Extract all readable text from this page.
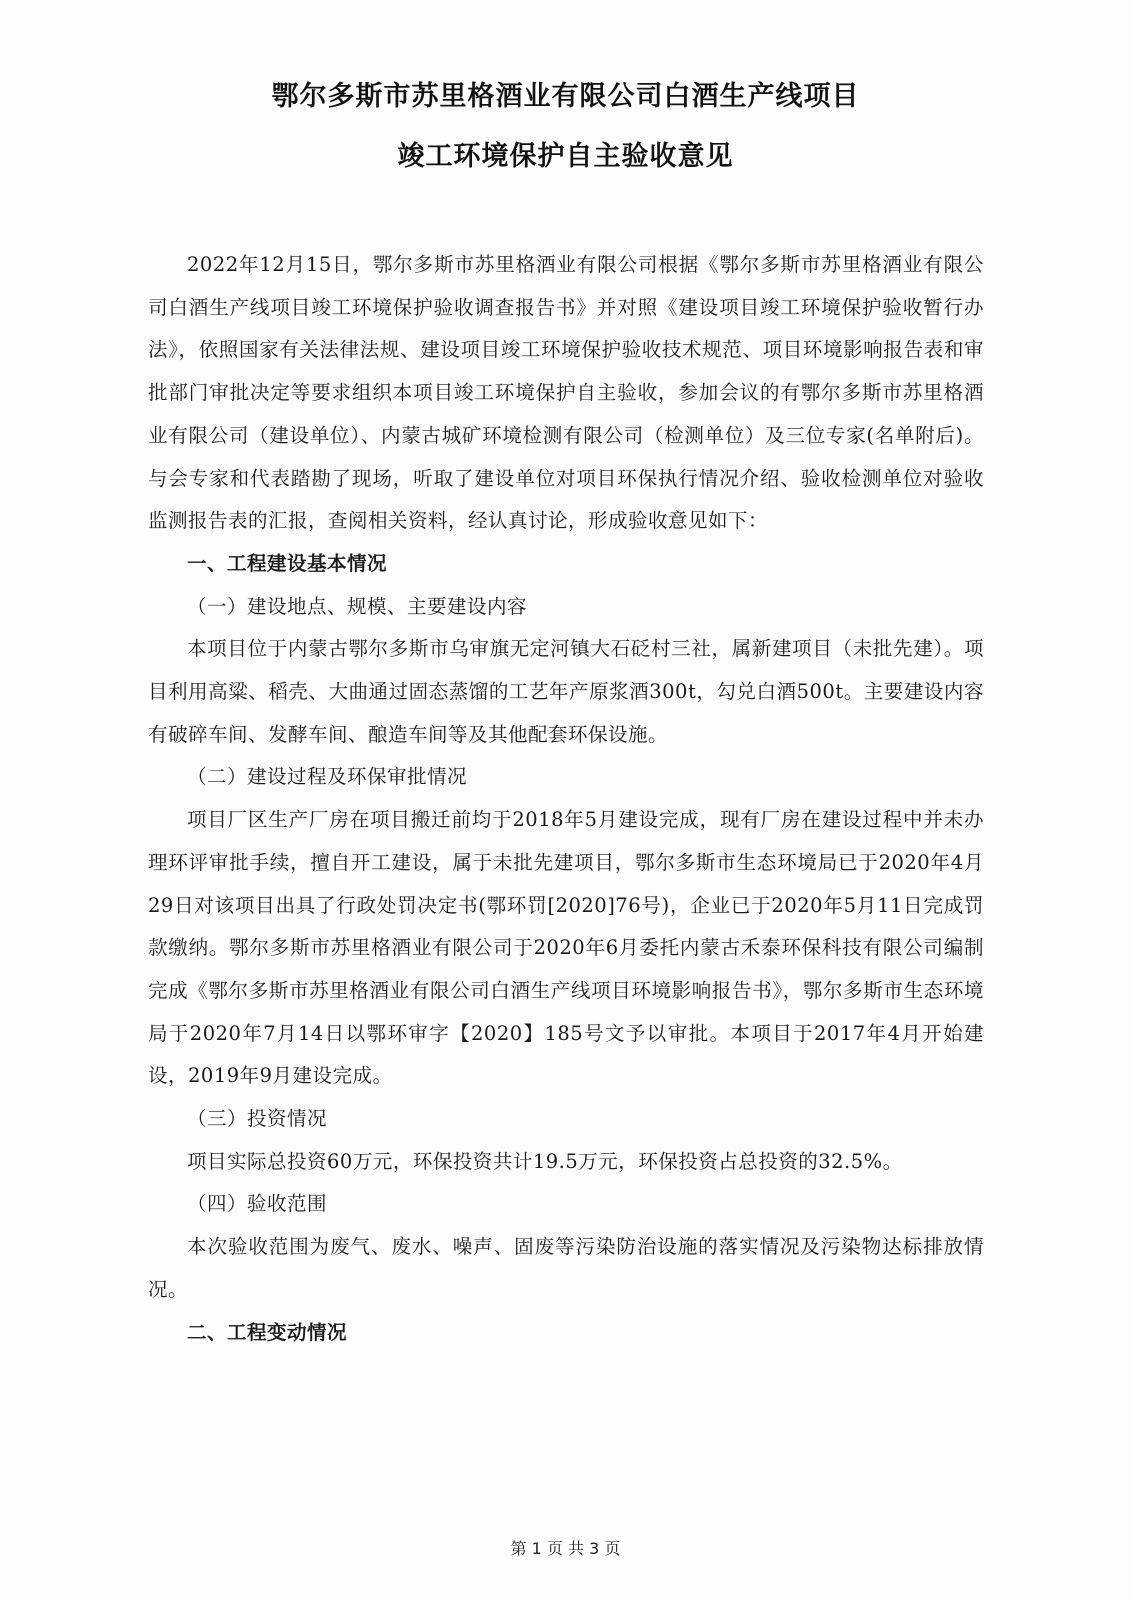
鄂尔多斯市苏里格酒业有限公司白酒生产线项目
竣工环境保护自主验收意见

2022年12月15日，鄂尔多斯市苏里格酒业有限公司根据《鄂尔多斯市苏里格酒业有限公司白酒生产线项目竣工环境保护验收调查报告书》并对照《建设项目竣工环境保护验收暂行办法》，依照国家有关法律法规、建设项目竣工环境保护验收技术规范、项目环境影响报告表和审批部门审批决定等要求组织本项目竣工环境保护自主验收，参加会议的有鄂尔多斯市苏里格酒业有限公司（建设单位）、内蒙古城矿环境检测有限公司（检测单位）及三位专家(名单附后)。与会专家和代表踏勘了现场，听取了建设单位对项目环保执行情况介绍、验收检测单位对验收监测报告表的汇报，查阅相关资料，经认真讨论，形成验收意见如下：

一、工程建设基本情况

（一）建设地点、规模、主要建设内容

本项目位于内蒙古鄂尔多斯市乌审旗无定河镇大石砭村三社，属新建项目（未批先建）。项目利用高粱、稻壳、大曲通过固态蒸馏的工艺年产原浆酒300t，勾兑白酒500t。主要建设内容有破碎车间、发酵车间、酿造车间等及其他配套环保设施。

（二）建设过程及环保审批情况

项目厂区生产厂房在项目搬迁前均于2018年5月建设完成，现有厂房在建设过程中并未办理环评审批手续，擅自开工建设，属于未批先建项目，鄂尔多斯市生态环境局已于2020年4月29日对该项目出具了行政处罚决定书(鄂环罚[2020]76号)，企业已于2020年5月11日完成罚款缴纳。鄂尔多斯市苏里格酒业有限公司于2020年6月委托内蒙古禾泰环保科技有限公司编制完成《鄂尔多斯市苏里格酒业有限公司白酒生产线项目环境影响报告书》，鄂尔多斯市生态环境局于2020年7月14日以鄂环审字【2020】185号文予以审批。本项目于2017年4月开始建设，2019年9月建设完成。

（三）投资情况

项目实际总投资60万元，环保投资共计19.5万元，环保投资占总投资的32.5%。

（四）验收范围

本次验收范围为废气、废水、噪声、固废等污染防治设施的落实情况及污染物达标排放情况。

二、工程变动情况

第 1 页 共 3 页
